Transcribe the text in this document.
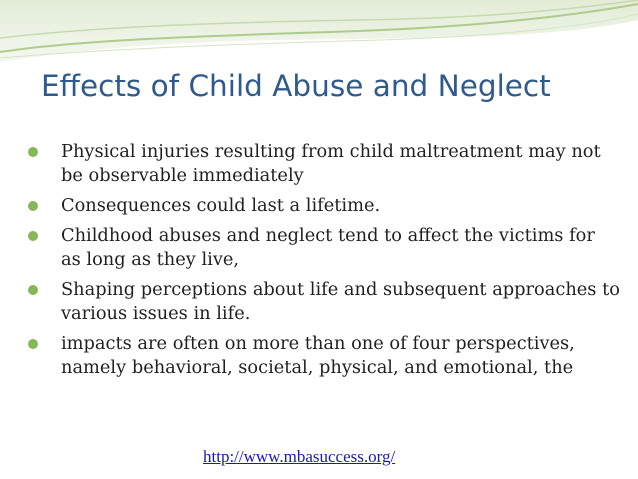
Effects of Child Abuse and Neglect
Physical injuries resulting from child maltreatment may not be observable immediately
Consequences could last a lifetime.
Childhood abuses and neglect tend to affect the victims for as long as they live,
Shaping perceptions about life and subsequent approaches to various issues in life.
impacts are often on more than one of four perspectives, namely behavioral, societal, physical, and emotional, the
http://www.mbasuccess.org/
